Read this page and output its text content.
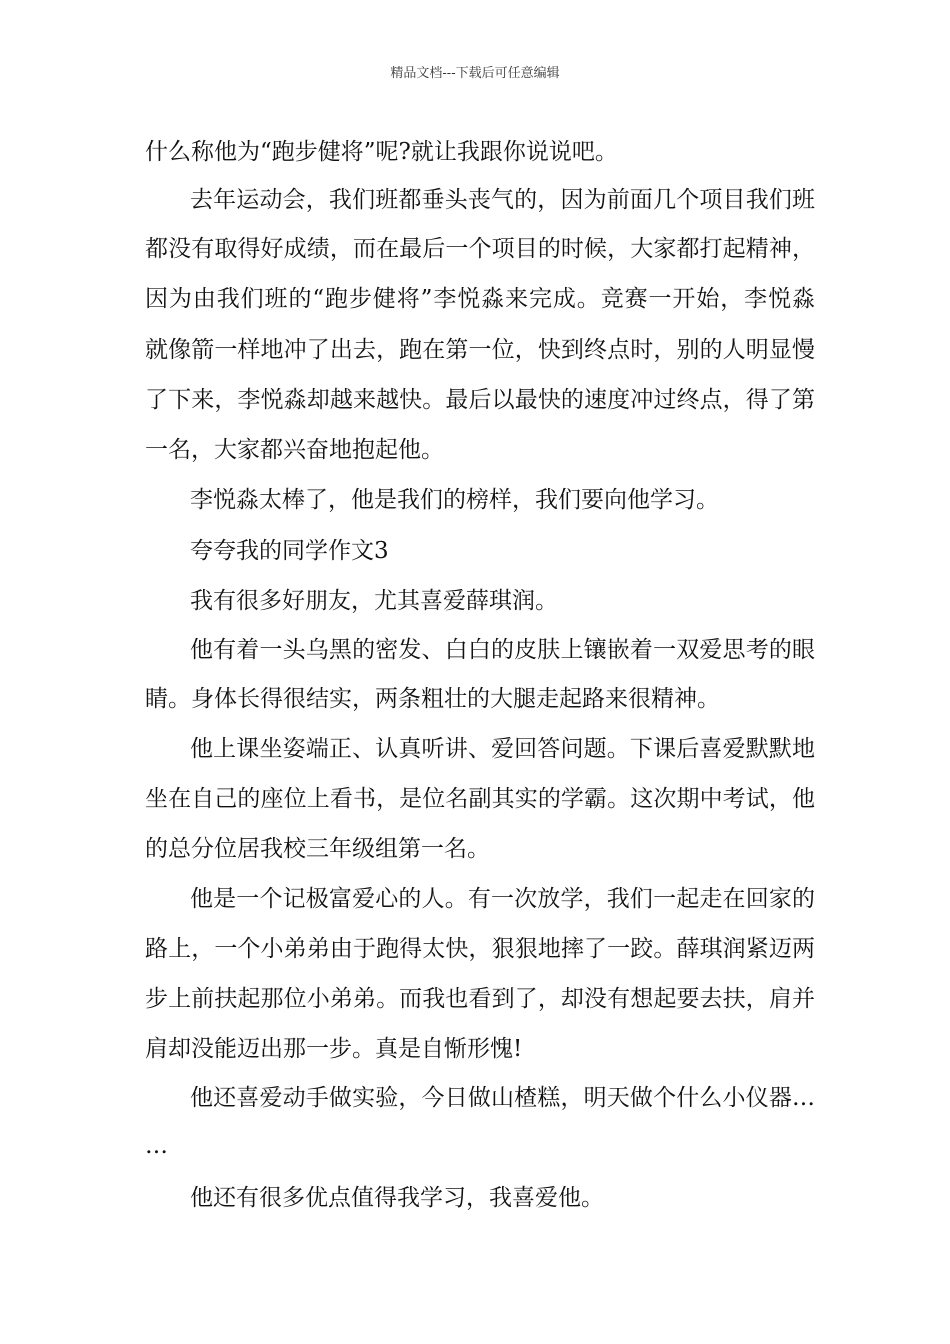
精品文档---下载后可任意编辑
什么称他为“跑步健将”呢?就让我跟你说说吧。
去年运动会，我们班都垂头丧气的，因为前面几个项目我们班
都没有取得好成绩，而在最后一个项目的时候，大家都打起精神，
因为由我们班的“跑步健将”李悦淼来完成。竞赛一开始，李悦淼
就像箭一样地冲了出去，跑在第一位，快到终点时，别的人明显慢
了下来，李悦淼却越来越快。最后以最快的速度冲过终点，得了第
一名，大家都兴奋地抱起他。
李悦淼太棒了，他是我们的榜样，我们要向他学习。
夸夸我的同学作文3
我有很多好朋友，尤其喜爱薛琪润。
他有着一头乌黑的密发、白白的皮肤上镶嵌着一双爱思考的眼
睛。身体长得很结实，两条粗壮的大腿走起路来很精神。
他上课坐姿端正、认真听讲、爱回答问题。下课后喜爱默默地
坐在自己的座位上看书，是位名副其实的学霸。这次期中考试，他
的总分位居我校三年级组第一名。
他是一个记极富爱心的人。有一次放学，我们一起走在回家的
路上，一个小弟弟由于跑得太快，狠狠地摔了一跤。薛琪润紧迈两
步上前扶起那位小弟弟。而我也看到了，却没有想起要去扶，肩并
肩却没能迈出那一步。真是自惭形愧!
他还喜爱动手做实验，今日做山楂糕，明天做个什么小仪器…
…
他还有很多优点值得我学习，我喜爱他。
